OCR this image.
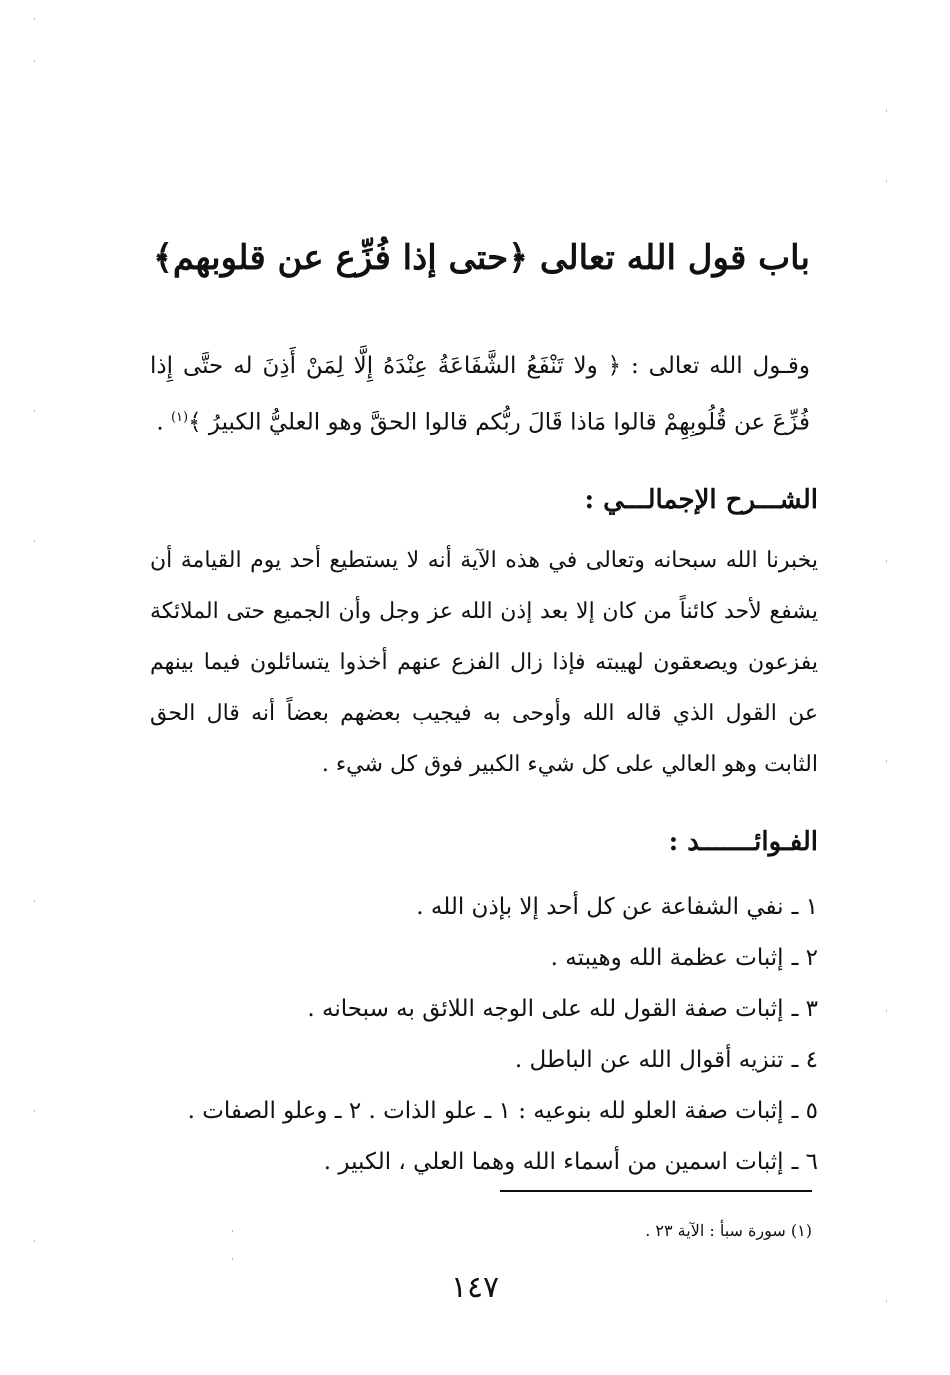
باب قول الله تعالى ﴿حتى إذا فُزِّع عن قلوبهم﴾

وقـول الله تعالى : ﴿ ولا تَنْفَعُ الشَّفَاعَةُ عِنْدَهُ إِلَّا لِمَنْ أَذِنَ له حتَّى إِذا فُزِّعَ عن قُلُوبِهِمْ قالوا مَاذا قَالَ ربُّكم قالوا الحقَّ وهو العليُّ الكبيرُ ﴾$^{(١)}$ .

الشـــرح الإجمالـــي :

يخبرنا الله سبحانه وتعالى في هذه الآية أنه لا يستطيع أحد يوم القيامة أن يشفع لأحد كائناً من كان إلا بعد إذن الله عز وجل وأن الجميع حتى الملائكة يفزعون ويصعقون لهيبته فإذا زال الفزع عنهم أخذوا يتسائلون فيما بينهم عن القول الذي قاله الله وأوحى به فيجيب بعضهم بعضاً أنه قال الحق الثابت وهو العالي على كل شيء الكبير فوق كل شيء .

الفـوائـــــــد :
١ ـ
نفي الشفاعة عن كل أحد إلا بإذن الله .
٢ ـ
إثبات عظمة الله وهيبته .
٣ ـ
إثبات صفة القول لله على الوجه اللائق به سبحانه .
٤ ـ
تنزيه أقوال الله عن الباطل .
٥ ـ
إثبات صفة العلو لله بنوعيه : ١ ـ علو الذات . ٢ ـ وعلو الصفات .
٦ ـ
إثبات اسمين من أسماء الله وهما العلي ، الكبير .

(١) سورة سبأ : الآية ٢٣ .

١٤٧
